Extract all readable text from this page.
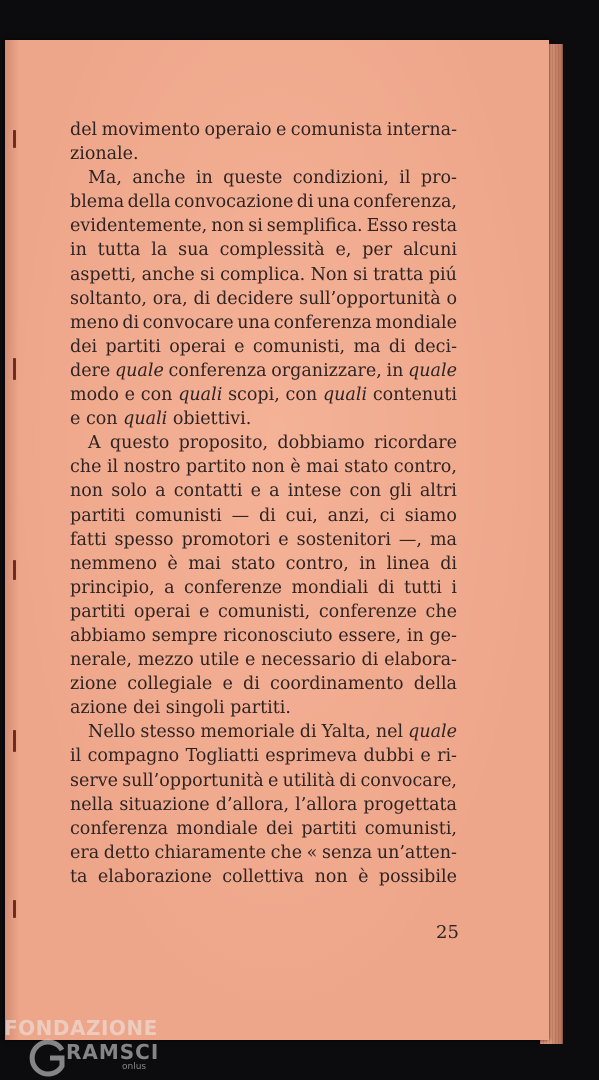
del movimento operaio e comunista interna-
zionale.
Ma, anche in queste condizioni, il pro-
blema della convocazione di una conferenza,
evidentemente, non si semplifica. Esso resta
in tutta la sua complessità e, per alcuni
aspetti, anche si complica. Non si tratta piú
soltanto, ora, di decidere sull’opportunità o
meno di convocare una conferenza mondiale
dei partiti operai e comunisti, ma di deci-
dere quale conferenza organizzare, in quale
modo e con quali scopi, con quali contenuti
e con quali obiettivi.
A questo proposito, dobbiamo ricordare
che il nostro partito non è mai stato contro,
non solo a contatti e a intese con gli altri
partiti comunisti — di cui, anzi, ci siamo
fatti spesso promotori e sostenitori —, ma
nemmeno è mai stato contro, in linea di
principio, a conferenze mondiali di tutti i
partiti operai e comunisti, conferenze che
abbiamo sempre riconosciuto essere, in ge-
nerale, mezzo utile e necessario di elabora-
zione collegiale e di coordinamento della
azione dei singoli partiti.
Nello stesso memoriale di Yalta, nel quale
il compagno Togliatti esprimeva dubbi e ri-
serve sull’opportunità e utilità di convocare,
nella situazione d’allora, l’allora progettata
conferenza mondiale dei partiti comunisti,
era detto chiaramente che « senza un’atten-
ta elaborazione collettiva non è possibile
25
FONDAZIONE
RAMSCI
onlus
